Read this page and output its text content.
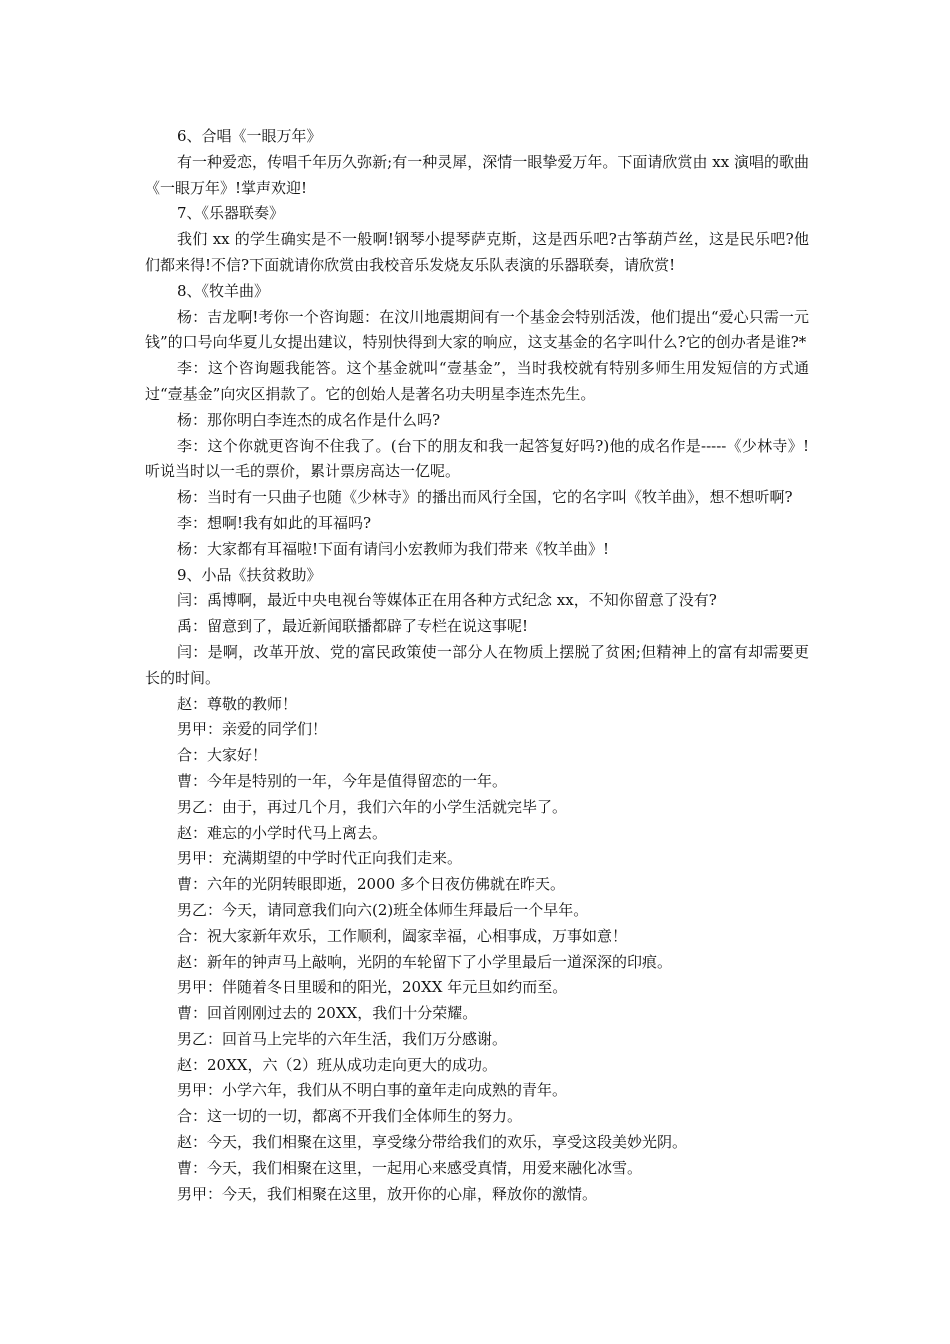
6、合唱《一眼万年》

有一种爱恋，传唱千年历久弥新;有一种灵犀，深情一眼挚爱万年。下面请欣赏由 xx 演唱的歌曲《一眼万年》!掌声欢迎!

7、《乐器联奏》

我们 xx 的学生确实是不一般啊!钢琴小提琴萨克斯，这是西乐吧?古筝葫芦丝，这是民乐吧?他们都来得!不信?下面就请你欣赏由我校音乐发烧友乐队表演的乐器联奏，请欣赏!

8、《牧羊曲》

杨：吉龙啊!考你一个咨询题：在汶川地震期间有一个基金会特别活泼，他们提出“爱心只需一元钱”的口号向华夏儿女提出建议，特别快得到大家的响应，这支基金的名字叫什么?它的创办者是谁?*

李：这个咨询题我能答。这个基金就叫“壹基金”，当时我校就有特别多师生用发短信的方式通过“壹基金”向灾区捐款了。它的创始人是著名功夫明星李连杰先生。

杨：那你明白李连杰的成名作是什么吗?

李：这个你就更咨询不住我了。(台下的朋友和我一起答复好吗?)他的成名作是-----《少林寺》!听说当时以一毛的票价，累计票房高达一亿呢。

杨：当时有一只曲子也随《少林寺》的播出而风行全国，它的名字叫《牧羊曲》，想不想听啊?

李：想啊!我有如此的耳福吗?

杨：大家都有耳福啦!下面有请闫小宏教师为我们带来《牧羊曲》!

9、小品《扶贫救助》

闫：禹博啊，最近中央电视台等媒体正在用各种方式纪念 xx，不知你留意了没有?

禹：留意到了，最近新闻联播都辟了专栏在说这事呢!

闫：是啊，改革开放、党的富民政策使一部分人在物质上摆脱了贫困;但精神上的富有却需要更长的时间。

赵：尊敬的教师！

男甲：亲爱的同学们！

合：大家好！

曹：今年是特别的一年，今年是值得留恋的一年。

男乙：由于，再过几个月，我们六年的小学生活就完毕了。

赵：难忘的小学时代马上离去。

男甲：充满期望的中学时代正向我们走来。

曹：六年的光阴转眼即逝，2000 多个日夜仿佛就在昨天。

男乙：今天，请同意我们向六(2)班全体师生拜最后一个早年。

合：祝大家新年欢乐，工作顺利，阖家幸福，心相事成，万事如意！

赵：新年的钟声马上敲响，光阴的车轮留下了小学里最后一道深深的印痕。

男甲：伴随着冬日里暖和的阳光，20XX 年元旦如约而至。

曹：回首刚刚过去的 20XX，我们十分荣耀。

男乙：回首马上完毕的六年生活，我们万分感谢。

赵：20XX，六（2）班从成功走向更大的成功。

男甲：小学六年，我们从不明白事的童年走向成熟的青年。

合：这一切的一切，都离不开我们全体师生的努力。

赵：今天，我们相聚在这里，享受缘分带给我们的欢乐，享受这段美妙光阴。

曹：今天，我们相聚在这里，一起用心来感受真情，用爱来融化冰雪。

男甲：今天，我们相聚在这里，放开你的心扉，释放你的激情。
